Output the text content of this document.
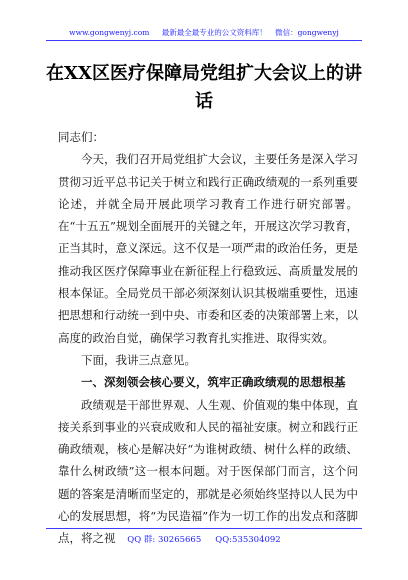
www.gongwenyj.com 最新最全最专业的公文资料库！ 微信：gongwenyj
在XX区医疗保障局党组扩大会议上的讲话

同志们：

今天，我们召开局党组扩大会议，主要任务是深入学习贯彻习近平总书记关于树立和践行正确政绩观的一系列重要论述，并就全局开展此项学习教育工作进行研究部署。在“十五五”规划全面展开的关键之年，开展这次学习教育，正当其时，意义深远。这不仅是一项严肃的政治任务，更是推动我区医疗保障事业在新征程上行稳致远、高质量发展的根本保证。全局党员干部必须深刻认识其极端重要性，迅速把思想和行动统一到中央、市委和区委的决策部署上来，以高度的政治自觉，确保学习教育扎实推进、取得实效。

下面，我讲三点意见。

一、深刻领会核心要义，筑牢正确政绩观的思想根基

政绩观是干部世界观、人生观、价值观的集中体现，直接关系到事业的兴衰成败和人民的福祉安康。树立和践行正确政绩观，核心是解决好“为谁树政绩、树什么样的政绩、靠什么树政绩”这一根本问题。对于医保部门而言，这个问题的答案是清晰而坚定的，那就是必须始终坚持以人民为中心的发展思想，将“为民造福”作为一切工作的出发点和落脚点，将之视	QQ 群: 30265665 QQ:535304092
